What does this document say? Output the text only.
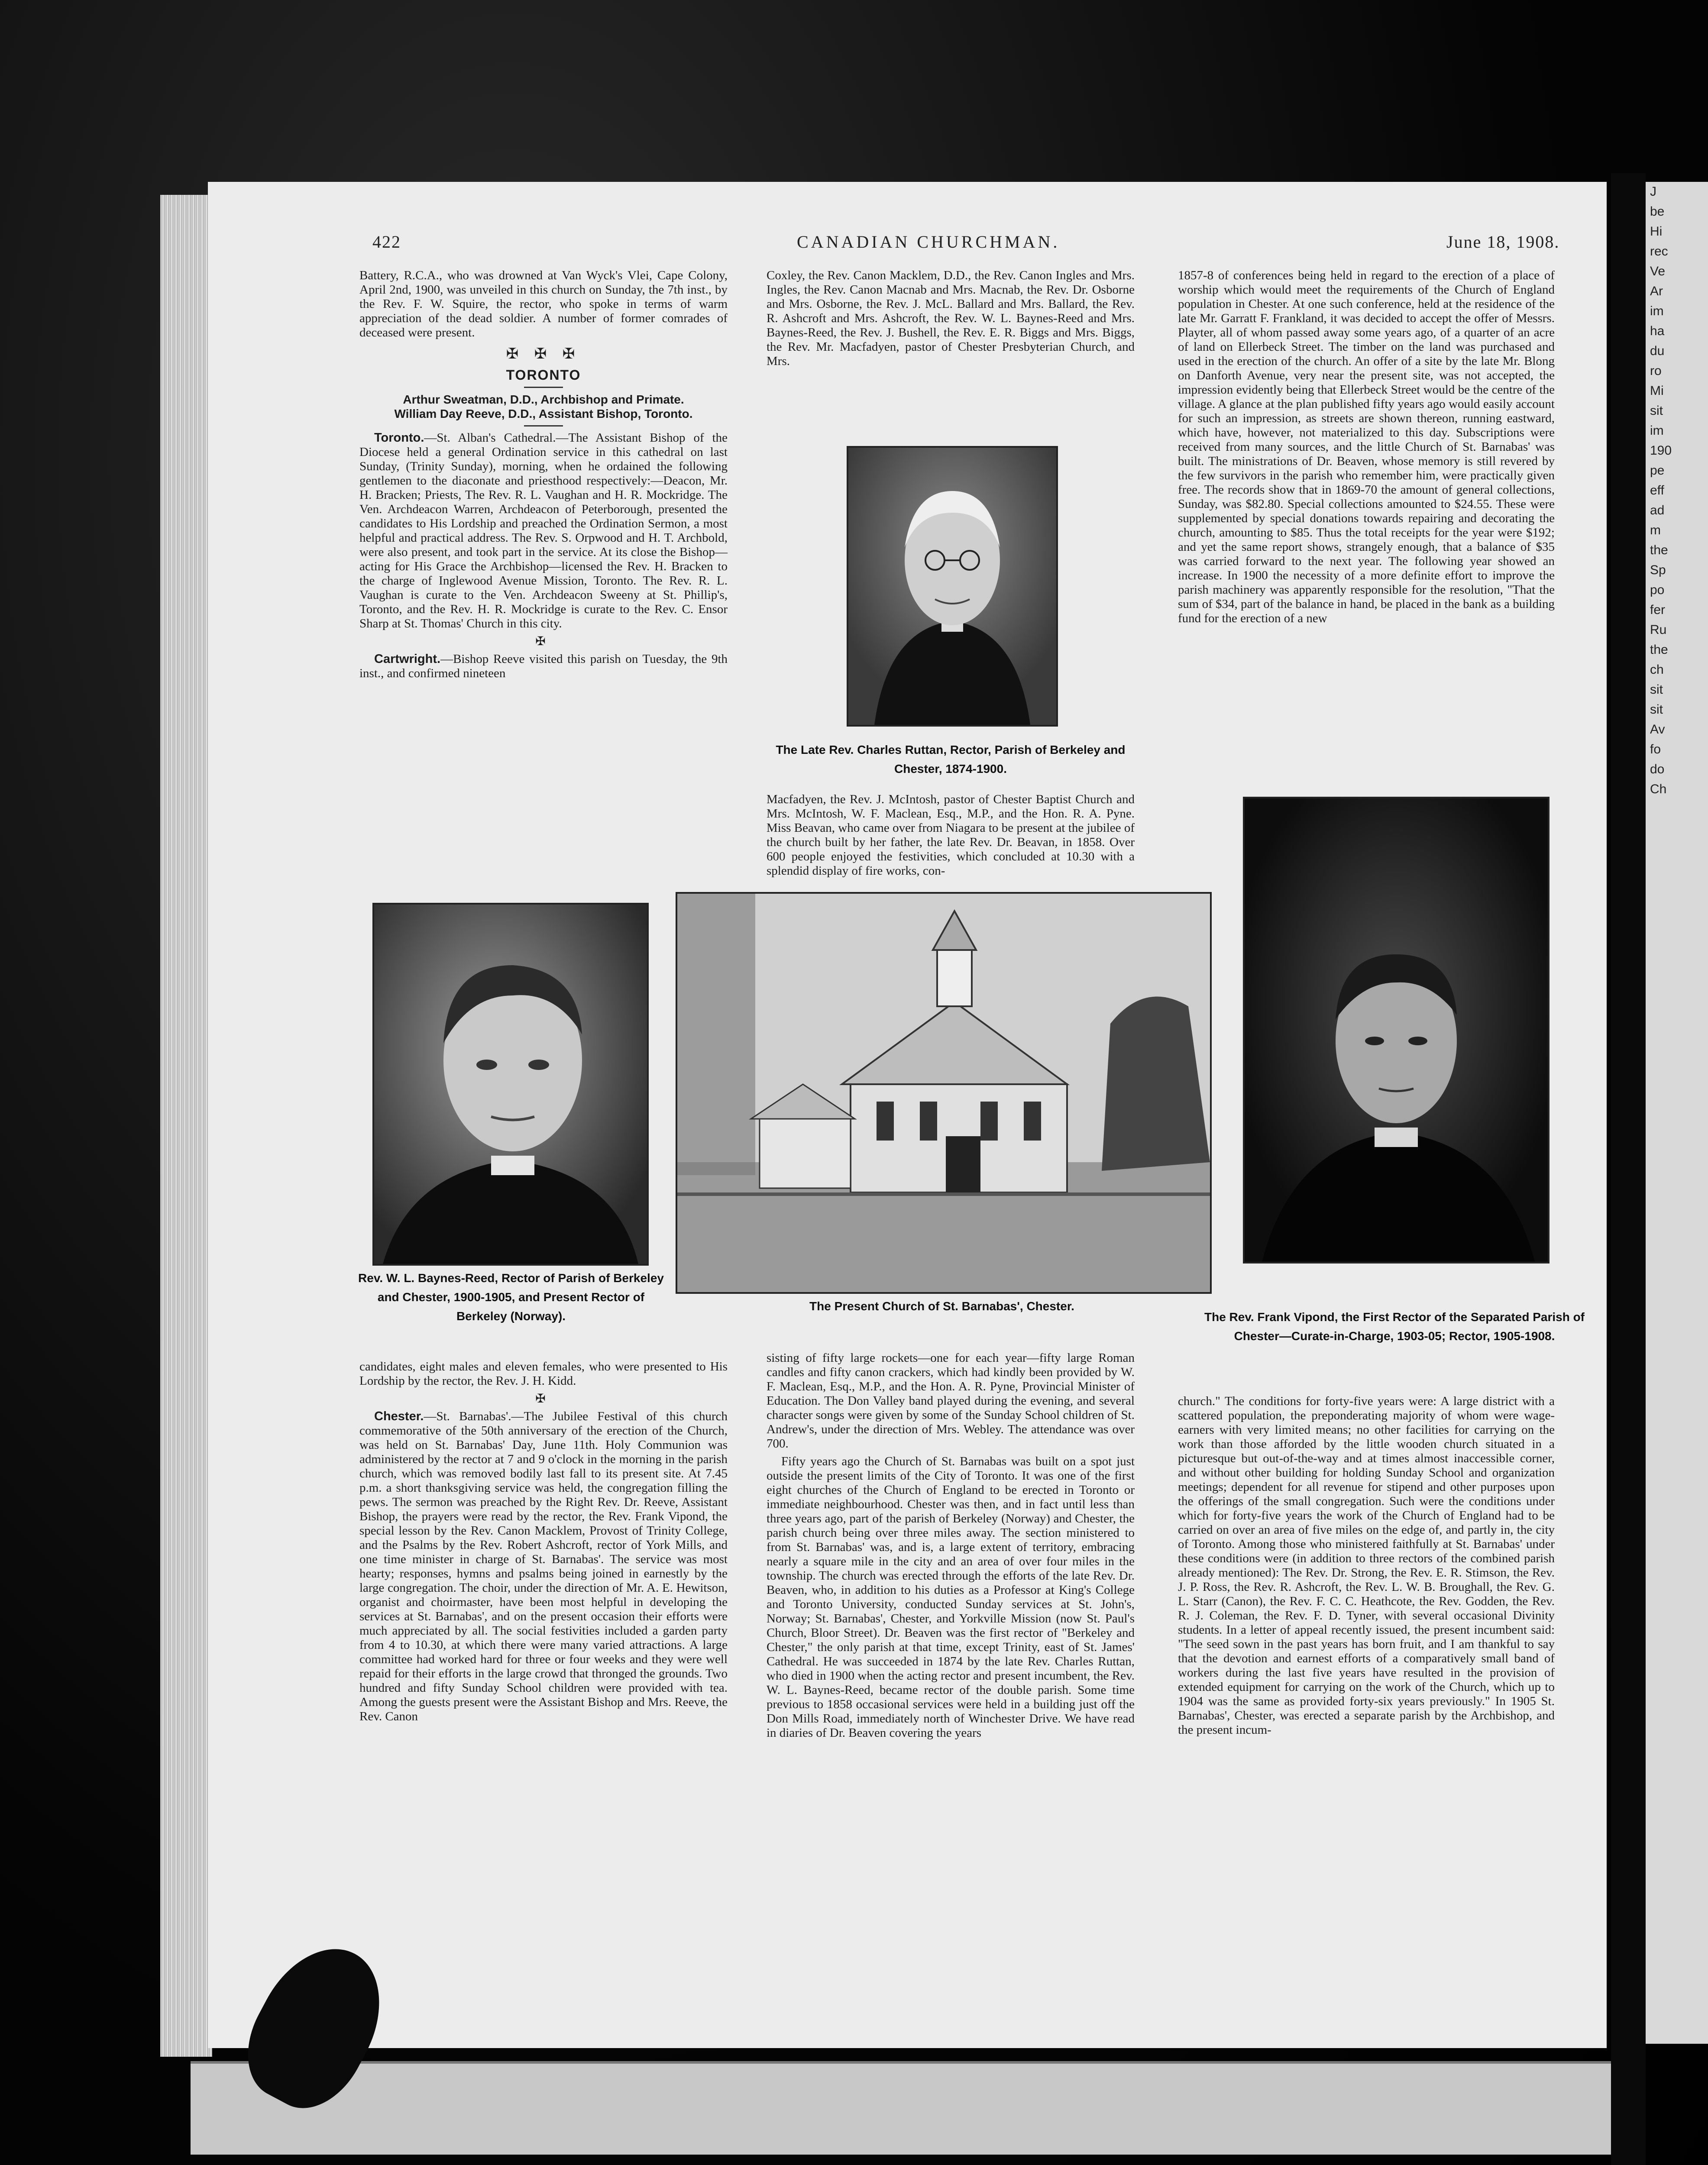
J
be
Hi
rec
Ve
Ar
im
ha
du
ro
Mi
sit
im
190
pe
eff
ad
m
the
Sp
po
fer
Ru
the
ch
sit
sit
Av
fo
do
Ch
422	CANADIAN CHURCHMAN.	June 18, 1908.

Battery, R.C.A., who was drowned at Van Wyck's Vlei, Cape Colony, April 2nd, 1900, was unveiled in this church on Sunday, the 7th inst., by the Rev. F. W. Squire, the rector, who spoke in terms of warm appreciation of the dead soldier. A number of former comrades of deceased were present.

✠ ✠ ✠
TORONTO
Arthur Sweatman, D.D., Archbishop and Primate.
William Day Reeve, D.D., Assistant Bishop, Toronto.

Toronto.—St. Alban's Cathedral.—The Assistant Bishop of the Diocese held a general Ordination service in this cathedral on last Sunday, (Trinity Sunday), morning, when he ordained the following gentlemen to the diaconate and priesthood respectively:—Deacon, Mr. H. Bracken; Priests, The Rev. R. L. Vaughan and H. R. Mockridge. The Ven. Archdeacon Warren, Archdeacon of Peterborough, presented the candidates to His Lordship and preached the Ordination Sermon, a most helpful and practical address. The Rev. S. Orpwood and H. T. Archbold, were also present, and took part in the service. At its close the Bishop—acting for His Grace the Archbishop—licensed the Rev. H. Bracken to the charge of Inglewood Avenue Mission, Toronto. The Rev. R. L. Vaughan is curate to the Ven. Archdeacon Sweeny at St. Phillip's, Toronto, and the Rev. H. R. Mockridge is curate to the Rev. C. Ensor Sharp at St. Thomas' Church in this city.

✠

Cartwright.—Bishop Reeve visited this parish on Tuesday, the 9th inst., and confirmed nineteen

Coxley, the Rev. Canon Macklem, D.D., the Rev. Canon Ingles and Mrs. Ingles, the Rev. Canon Macnab and Mrs. Macnab, the Rev. Dr. Osborne and Mrs. Osborne, the Rev. J. McL. Ballard and Mrs. Ballard, the Rev. R. Ashcroft and Mrs. Ashcroft, the Rev. W. L. Baynes-Reed and Mrs. Baynes-Reed, the Rev. J. Bushell, the Rev. E. R. Biggs and Mrs. Biggs, the Rev. Mr. Macfadyen, pastor of Chester Presbyterian Church, and Mrs.

The Late Rev. Charles Ruttan, Rector, Parish of Berkeley and Chester, 1874-1900.

Macfadyen, the Rev. J. McIntosh, pastor of Chester Baptist Church and Mrs. McIntosh, W. F. Maclean, Esq., M.P., and the Hon. R. A. Pyne. Miss Beavan, who came over from Niagara to be present at the jubilee of the church built by her father, the late Rev. Dr. Beavan, in 1858. Over 600 people enjoyed the festivities, which concluded at 10.30 with a splendid display of fire works, con-

1857-8 of conferences being held in regard to the erection of a place of worship which would meet the requirements of the Church of England population in Chester. At one such conference, held at the residence of the late Mr. Garratt F. Frankland, it was decided to accept the offer of Messrs. Playter, all of whom passed away some years ago, of a quarter of an acre of land on Ellerbeck Street. The timber on the land was purchased and used in the erection of the church. An offer of a site by the late Mr. Blong on Danforth Avenue, very near the present site, was not accepted, the impression evidently being that Ellerbeck Street would be the centre of the village. A glance at the plan published fifty years ago would easily account for such an impression, as streets are shown thereon, running eastward, which have, however, not materialized to this day. Subscriptions were received from many sources, and the little Church of St. Barnabas' was built. The ministrations of Dr. Beaven, whose memory is still revered by the few survivors in the parish who remember him, were practically given free. The records show that in 1869-70 the amount of general collections, Sunday, was $82.80. Special collections amounted to $24.55. These were supplemented by special donations towards repairing and decorating the church, amounting to $85. Thus the total receipts for the year were $192; and yet the same report shows, strangely enough, that a balance of $35 was carried forward to the next year. The following year showed an increase. In 1900 the necessity of a more definite effort to improve the parish machinery was apparently responsible for the resolution, "That the sum of $34, part of the balance in hand, be placed in the bank as a building fund for the erection of a new

The Present Church of St. Barnabas', Chester.
Rev. W. L. Baynes-Reed, Rector of Parish of Berkeley and Chester, 1900-1905, and Present Rector of Berkeley (Norway).	The Rev. Frank Vipond, the First Rector of the Separated Parish of Chester—Curate-in-Charge, 1903-05; Rector, 1905-1908.

candidates, eight males and eleven females, who were presented to His Lordship by the rector, the Rev. J. H. Kidd.

✠

Chester.—St. Barnabas'.—The Jubilee Festival of this church commemorative of the 50th anniversary of the erection of the Church, was held on St. Barnabas' Day, June 11th. Holy Communion was administered by the rector at 7 and 9 o'clock in the morning in the parish church, which was removed bodily last fall to its present site. At 7.45 p.m. a short thanksgiving service was held, the congregation filling the pews. The sermon was preached by the Right Rev. Dr. Reeve, Assistant Bishop, the prayers were read by the rector, the Rev. Frank Vipond, the special lesson by the Rev. Canon Macklem, Provost of Trinity College, and the Psalms by the Rev. Robert Ashcroft, rector of York Mills, and one time minister in charge of St. Barnabas'. The service was most hearty; responses, hymns and psalms being joined in earnestly by the large congregation. The choir, under the direction of Mr. A. E. Hewitson, organist and choirmaster, have been most helpful in developing the services at St. Barnabas', and on the present occasion their efforts were much appreciated by all. The social festivities included a garden party from 4 to 10.30, at which there were many varied attractions. A large committee had worked hard for three or four weeks and they were well repaid for their efforts in the large crowd that thronged the grounds. Two hundred and fifty Sunday School children were provided with tea. Among the guests present were the Assistant Bishop and Mrs. Reeve, the Rev. Canon

sisting of fifty large rockets—one for each year—fifty large Roman candles and fifty canon crackers, which had kindly been provided by W. F. Maclean, Esq., M.P., and the Hon. A. R. Pyne, Provincial Minister of Education. The Don Valley band played during the evening, and several character songs were given by some of the Sunday School children of St. Andrew's, under the direction of Mrs. Webley. The attendance was over 700.

Fifty years ago the Church of St. Barnabas was built on a spot just outside the present limits of the City of Toronto. It was one of the first eight churches of the Church of England to be erected in Toronto or immediate neighbourhood. Chester was then, and in fact until less than three years ago, part of the parish of Berkeley (Norway) and Chester, the parish church being over three miles away. The section ministered to from St. Barnabas' was, and is, a large extent of territory, embracing nearly a square mile in the city and an area of over four miles in the township. The church was erected through the efforts of the late Rev. Dr. Beaven, who, in addition to his duties as a Professor at King's College and Toronto University, conducted Sunday services at St. John's, Norway; St. Barnabas', Chester, and Yorkville Mission (now St. Paul's Church, Bloor Street). Dr. Beaven was the first rector of "Berkeley and Chester," the only parish at that time, except Trinity, east of St. James' Cathedral. He was succeeded in 1874 by the late Rev. Charles Ruttan, who died in 1900 when the acting rector and present incumbent, the Rev. W. L. Baynes-Reed, became rector of the double parish. Some time previous to 1858 occasional services were held in a building just off the Don Mills Road, immediately north of Winchester Drive. We have read in diaries of Dr. Beaven covering the years

church." The conditions for forty-five years were: A large district with a scattered population, the preponderating majority of whom were wage-earners with very limited means; no other facilities for carrying on the work than those afforded by the little wooden church situated in a picturesque but out-of-the-way and at times almost inaccessible corner, and without other building for holding Sunday School and organization meetings; dependent for all revenue for stipend and other purposes upon the offerings of the small congregation. Such were the conditions under which for forty-five years the work of the Church of England had to be carried on over an area of five miles on the edge of, and partly in, the city of Toronto. Among those who ministered faithfully at St. Barnabas' under these conditions were (in addition to three rectors of the combined parish already mentioned): The Rev. Dr. Strong, the Rev. E. R. Stimson, the Rev. J. P. Ross, the Rev. R. Ashcroft, the Rev. L. W. B. Broughall, the Rev. G. L. Starr (Canon), the Rev. F. C. C. Heathcote, the Rev. Godden, the Rev. R. J. Coleman, the Rev. F. D. Tyner, with several occasional Divinity students. In a letter of appeal recently issued, the present incumbent said: "The seed sown in the past years has born fruit, and I am thankful to say that the devotion and earnest efforts of a comparatively small band of workers during the last five years have resulted in the provision of extended equipment for carrying on the work of the Church, which up to 1904 was the same as provided forty-six years previously." In 1905 St. Barnabas', Chester, was erected a separate parish by the Archbishop, and the present incum-
